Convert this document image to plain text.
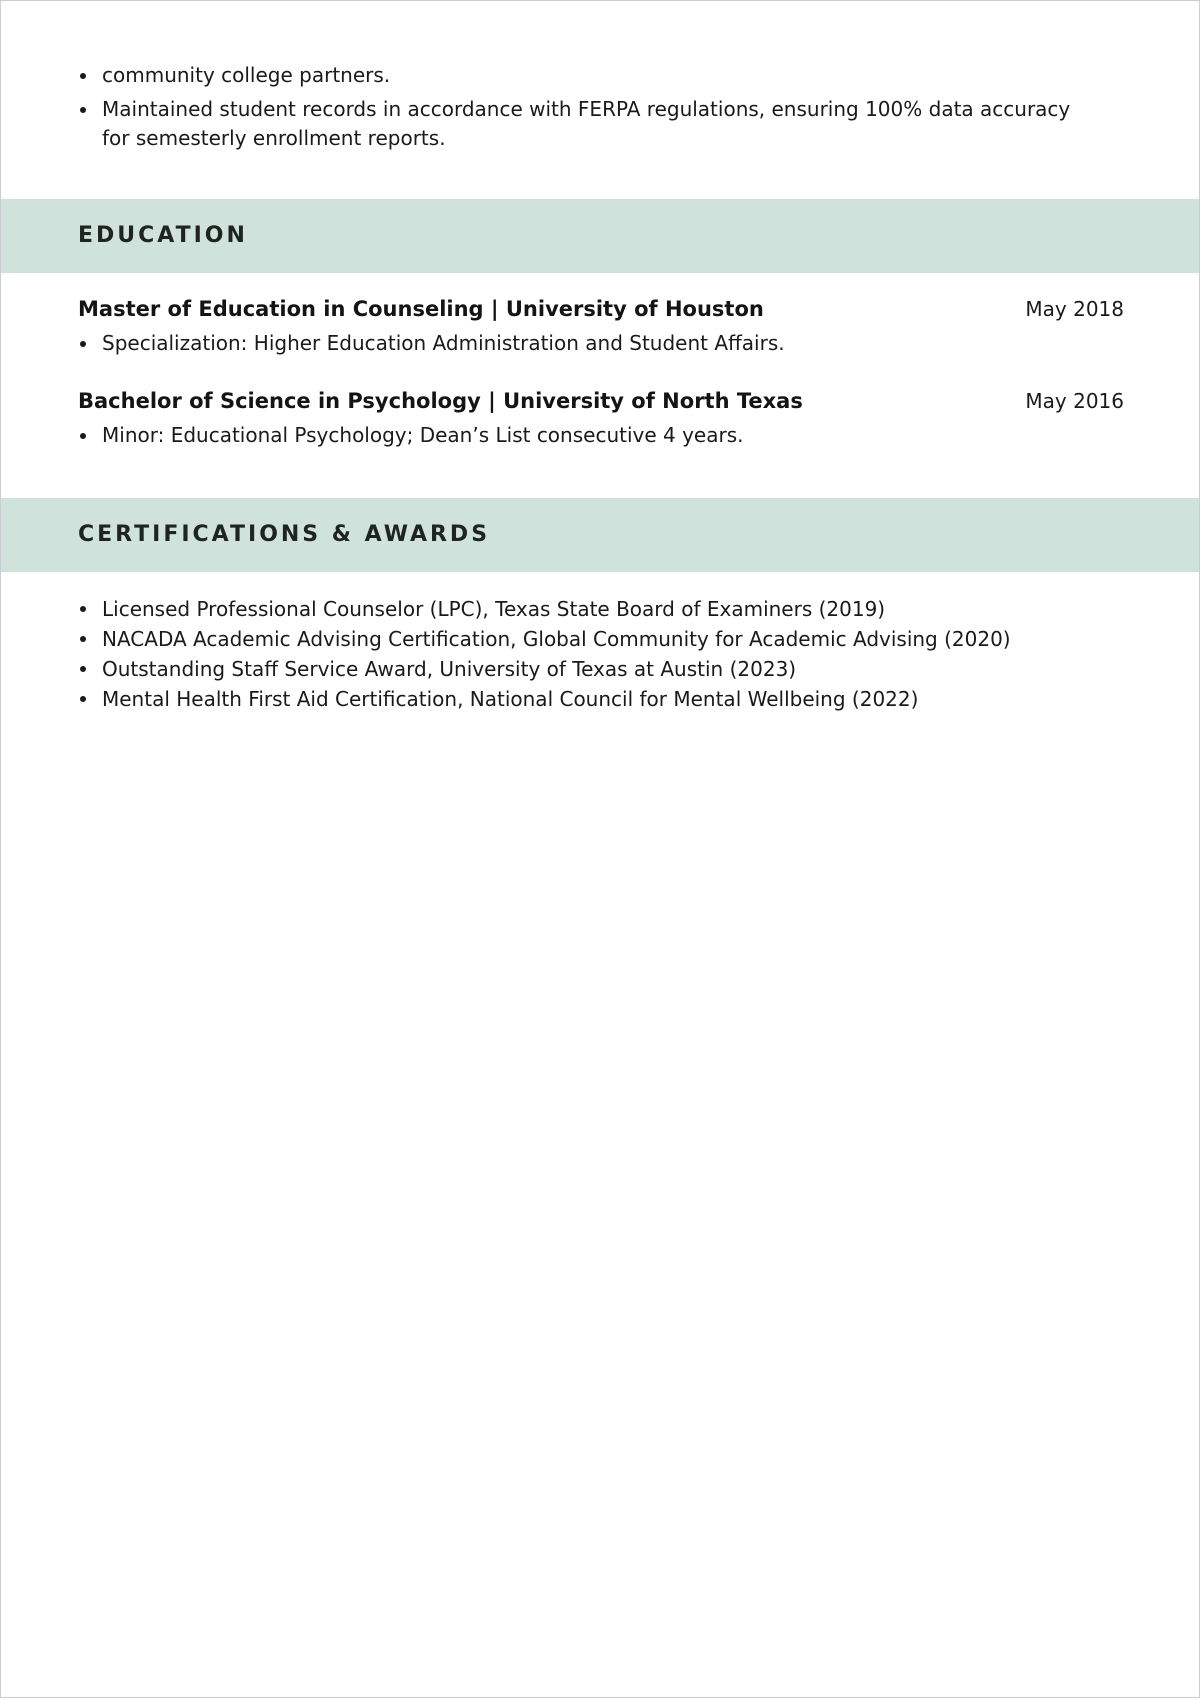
community college partners.
Maintained student records in accordance with FERPA regulations, ensuring 100% data accuracy for semesterly enrollment reports.
EDUCATION
Master of Education in Counseling | University of Houston	May 2018
Specialization: Higher Education Administration and Student Affairs.
Bachelor of Science in Psychology | University of North Texas	May 2016
Minor: Educational Psychology; Dean’s List consecutive 4 years.
CERTIFICATIONS & AWARDS
Licensed Professional Counselor (LPC), Texas State Board of Examiners (2019)
NACADA Academic Advising Certification, Global Community for Academic Advising (2020)
Outstanding Staff Service Award, University of Texas at Austin (2023)
Mental Health First Aid Certification, National Council for Mental Wellbeing (2022)
